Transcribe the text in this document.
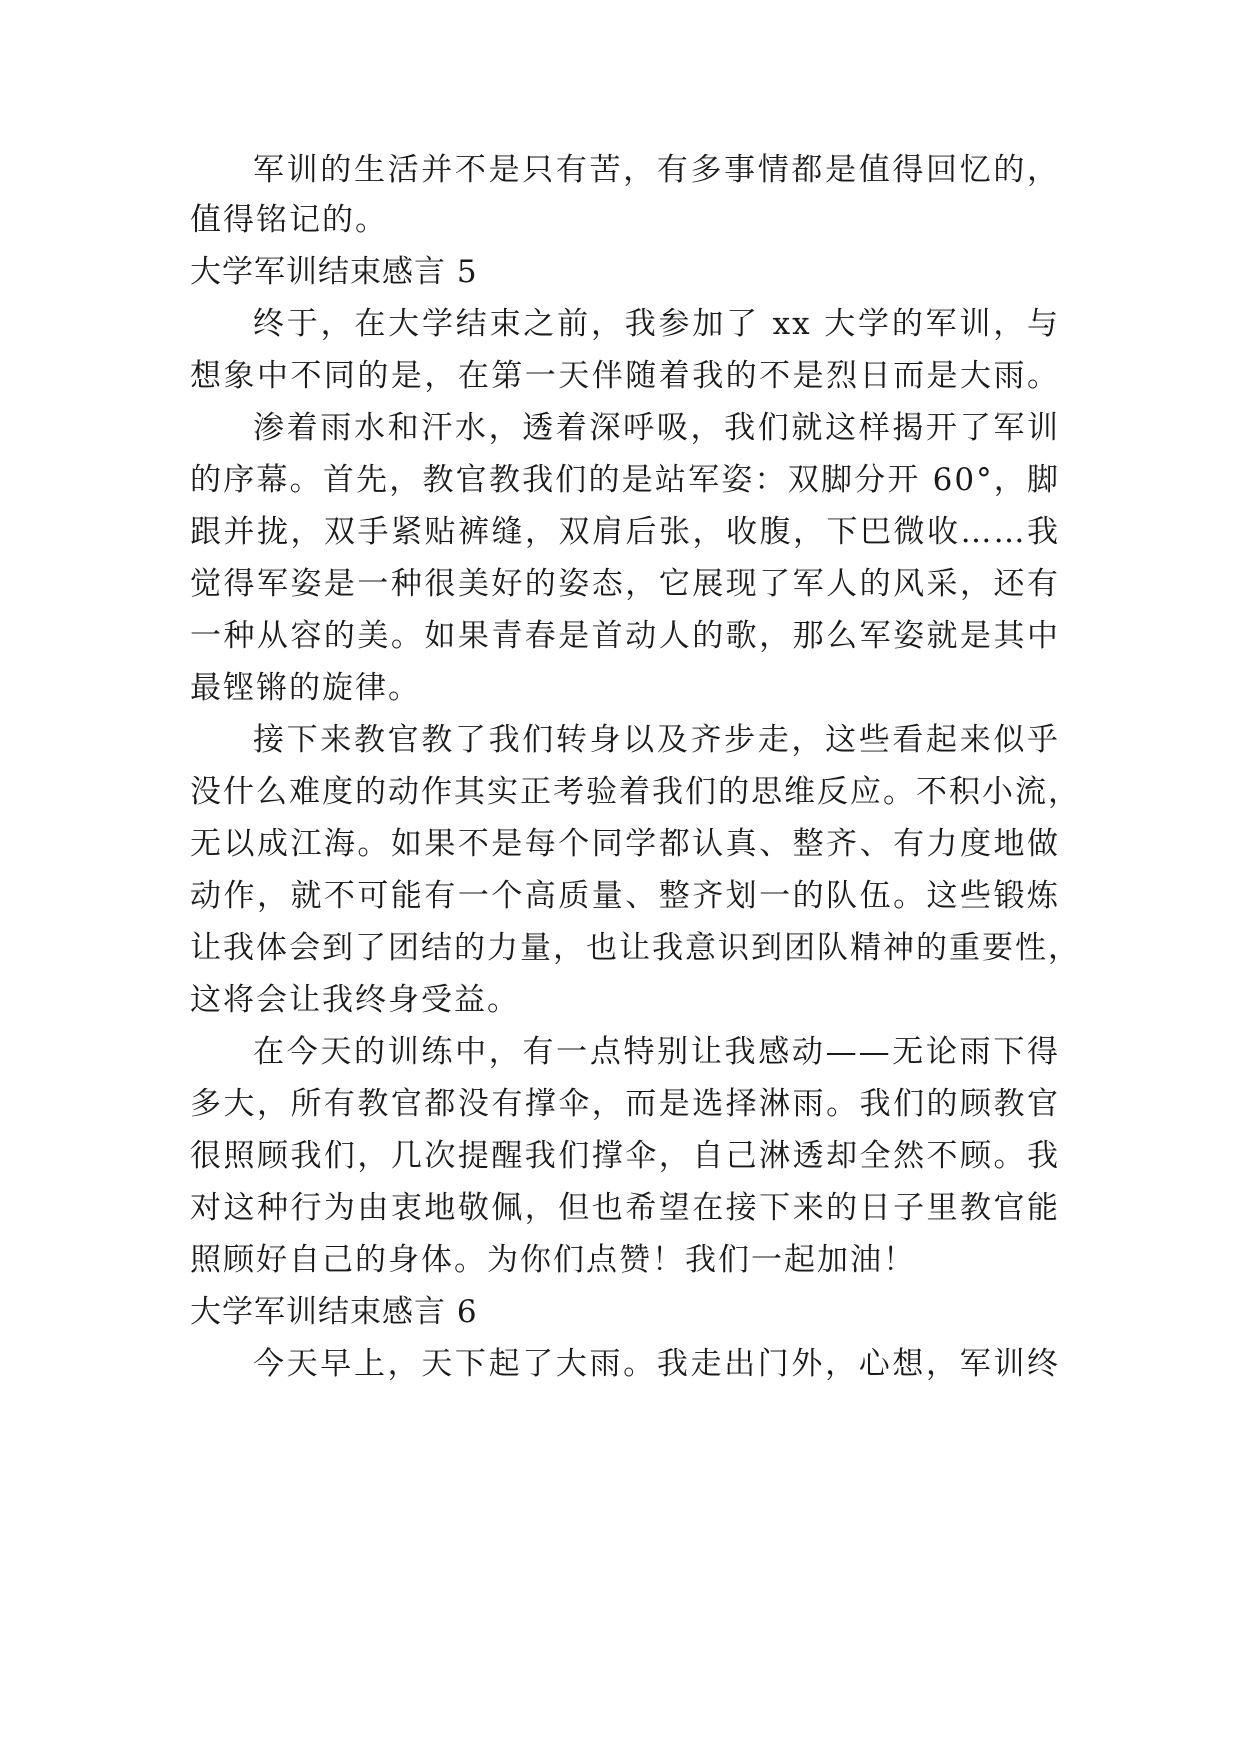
军训的生活并不是只有苦，有多事情都是值得回忆的，
值得铭记的。
大学军训结束感言 5
终于，在大学结束之前，我参加了 xx 大学的军训，与
想象中不同的是，在第一天伴随着我的不是烈日而是大雨。
渗着雨水和汗水，透着深呼吸，我们就这样揭开了军训
的序幕。首先，教官教我们的是站军姿：双脚分开 60°，脚
跟并拢，双手紧贴裤缝，双肩后张，收腹，下巴微收……我
觉得军姿是一种很美好的姿态，它展现了军人的风采，还有
一种从容的美。如果青春是首动人的歌，那么军姿就是其中
最铿锵的旋律。
接下来教官教了我们转身以及齐步走，这些看起来似乎
没什么难度的动作其实正考验着我们的思维反应。不积小流，
无以成江海。如果不是每个同学都认真、整齐、有力度地做
动作，就不可能有一个高质量、整齐划一的队伍。这些锻炼
让我体会到了团结的力量，也让我意识到团队精神的重要性，
这将会让我终身受益。
在今天的训练中，有一点特别让我感动——无论雨下得
多大，所有教官都没有撑伞，而是选择淋雨。我们的顾教官
很照顾我们，几次提醒我们撑伞，自己淋透却全然不顾。我
对这种行为由衷地敬佩，但也希望在接下来的日子里教官能
照顾好自己的身体。为你们点赞！我们一起加油！
大学军训结束感言 6
今天早上，天下起了大雨。我走出门外，心想，军训终
